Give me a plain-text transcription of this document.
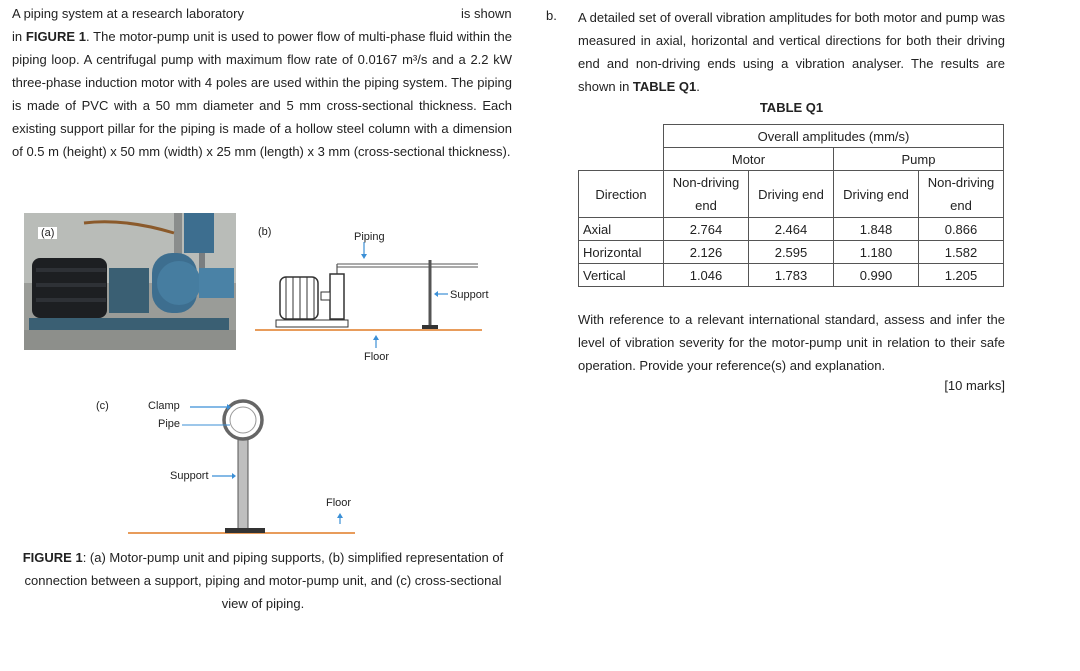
A piping system at a research laboratory
in FIGURE 1. The motor-pump unit is used to power flow of multi-phase fluid within the piping loop. A centrifugal pump with maximum flow rate of 0.0167 m³/s and a 2.2 kW three-phase induction motor with 4 poles are used within the piping system. The piping is made of PVC with a 50 mm diameter and 5 mm cross-sectional thickness. Each existing support pillar for the piping is made of a hollow steel column with a dimension of 0.5 m (height) x 50 mm (width) x 25 mm (length) x 3 mm (cross-sectional thickness).
is shown
(a)	(b)	Piping
Support
Floor
(c)	Clamp
Pipe
Support
Floor
FIGURE 1: (a) Motor-pump unit and piping supports, (b) simplified representation of connection between a support, piping and motor-pump unit, and (c) cross-sectional view of piping.
b. A detailed set of overall vibration amplitudes for both motor and pump was measured in axial, horizontal and vertical directions for both their driving end and non-driving ends using a vibration analyser. The results are shown in TABLE Q1.
TABLE Q1
	Overall amplitudes (mm/s)			
	Motor		Pump	
Direction	Non-driving end	Driving end	Driving end	Non-driving end
Axial	2.764	2.464	1.848	0.866
Horizontal	2.126	2.595	1.180	1.582
Vertical	1.046	1.783	0.990	1.205
With reference to a relevant international standard, assess and infer the level of vibration severity for the motor-pump unit in relation to their safe operation. Provide your reference(s) and explanation.
[10 marks]
